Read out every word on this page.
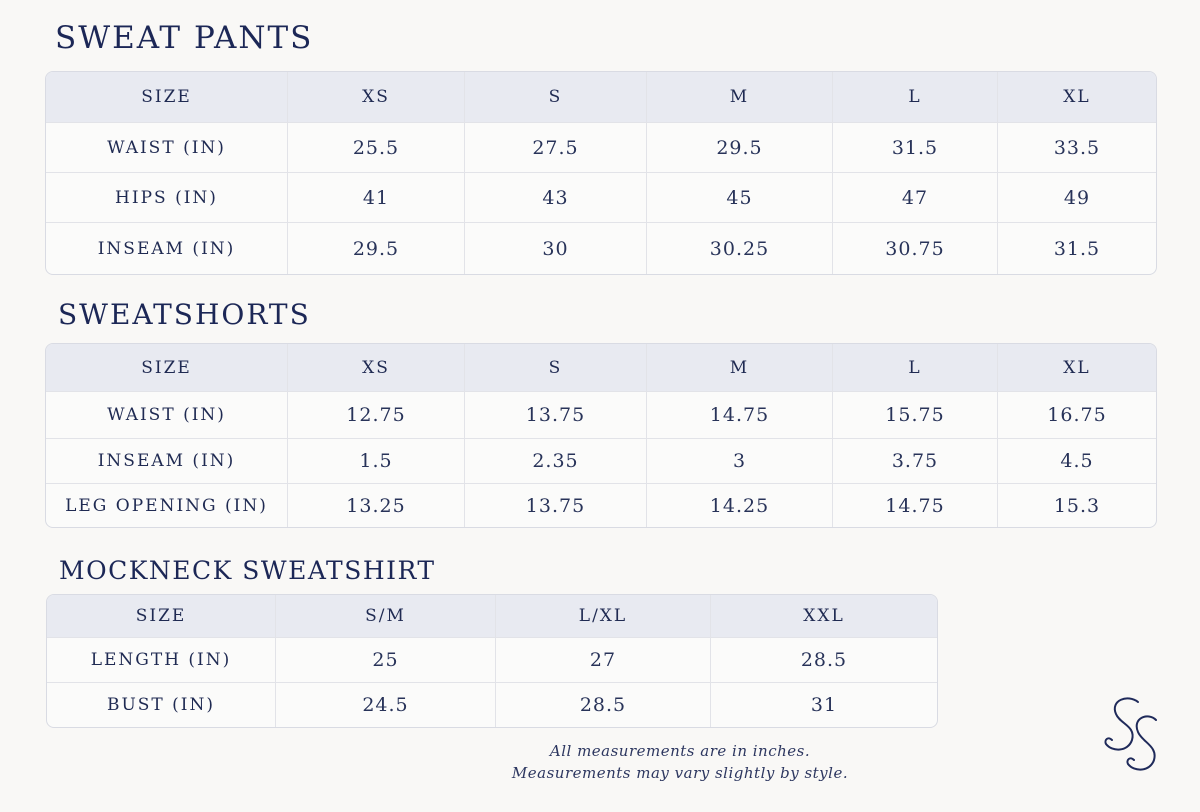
SWEAT PANTS
SIZE	XS	S	M	L	XL
WAIST (IN)	25.5	27.5	29.5	31.5	33.5
HIPS (IN)	41	43	45	47	49
INSEAM (IN)	29.5	30	30.25	30.75	31.5
SWEATSHORTS
SIZE	XS	S	M	L	XL
WAIST (IN)	12.75	13.75	14.75	15.75	16.75
INSEAM (IN)	1.5	2.35	3	3.75	4.5
LEG OPENING (IN)	13.25	13.75	14.25	14.75	15.3
MOCKNECK SWEATSHIRT
SIZE	S/M	L/XL	XXL
LENGTH (IN)	25	27	28.5
BUST (IN)	24.5	28.5	31
All measurements are in inches.
Measurements may vary slightly by style.
